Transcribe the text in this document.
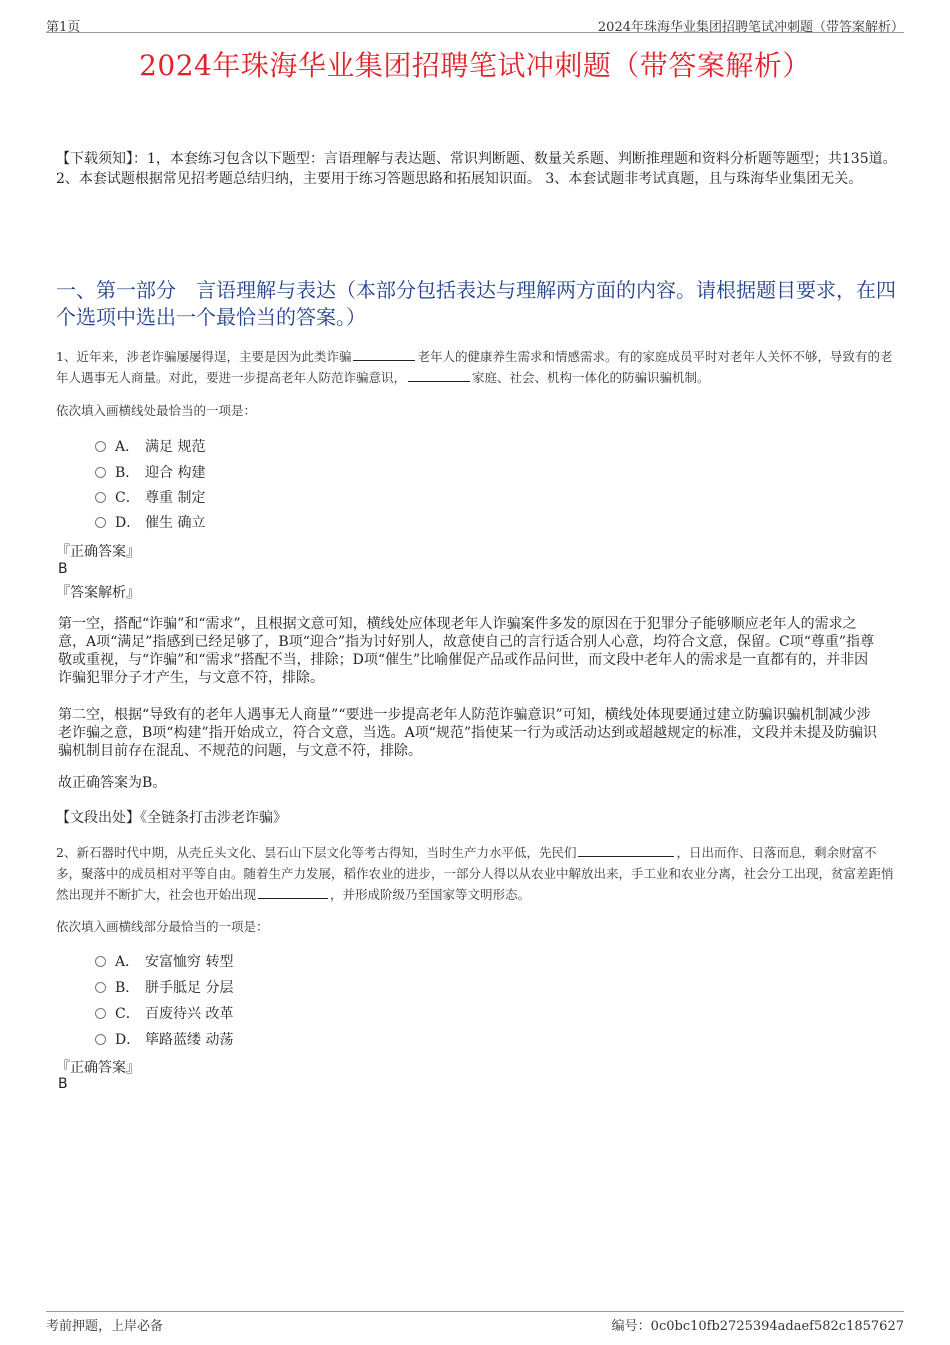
第1页	2024年珠海华业集团招聘笔试冲刺题（带答案解析）
2024年珠海华业集团招聘笔试冲刺题（带答案解析）
【下载须知】：1，本套练习包含以下题型：言语理解与表达题、常识判断题、数量关系题、判断推理题和资料分析题等题型；共135道。 2、本套试题根据常见招考题总结归纳，主要用于练习答题思路和拓展知识面。 3、本套试题非考试真题，且与珠海华业集团无关。
一、第一部分　言语理解与表达（本部分包括表达与理解两方面的内容。请根据题目要求，在四个选项中选出一个最恰当的答案。）
1、近年来，涉老诈骗屡屡得逞，主要是因为此类诈骗	老年人的健康养生需求和情感需求。有的家庭成员平时对老年人关怀不够，导致有的老年人遇事无人商量。对此，要进一步提高老年人防范诈骗意识，	家庭、社会、机构一体化的防骗识骗机制。
依次填入画横线处最恰当的一项是：
A． 满足 规范
B． 迎合 构建
C． 尊重 制定
D． 催生 确立
『正确答案』
B
『答案解析』
第一空，搭配“诈骗”和“需求”，且根据文意可知，横线处应体现老年人诈骗案件多发的原因在于犯罪分子能够顺应老年人的需求之意，A项“满足”指感到已经足够了，B项“迎合”指为讨好别人，故意使自己的言行适合别人心意，均符合文意，保留。C项“尊重”指尊敬或重视，与“诈骗”和“需求”搭配不当，排除；D项“催生”比喻催促产品或作品问世，而文段中老年人的需求是一直都有的，并非因诈骗犯罪分子才产生，与文意不符，排除。
第二空，根据“导致有的老年人遇事无人商量”“要进一步提高老年人防范诈骗意识”可知，横线处体现要通过建立防骗识骗机制减少涉老诈骗之意，B项“构建”指开始成立，符合文意，当选。A项“规范”指使某一行为或活动达到或超越规定的标准，文段并未提及防骗识骗机制目前存在混乱、不规范的问题，与文意不符，排除。
故正确答案为B。
【文段出处】《全链条打击涉老诈骗》
2、新石器时代中期，从壳丘头文化、昙石山下层文化等考古得知，当时生产力水平低，先民们	，日出而作、日落而息，剩余财富不多，聚落中的成员相对平等自由。随着生产力发展，稻作农业的进步，一部分人得以从农业中解放出来，手工业和农业分离，社会分工出现，贫富差距悄然出现并不断扩大，社会也开始出现	，并形成阶级乃至国家等文明形态。
依次填入画横线部分最恰当的一项是：
A． 安富恤穷 转型
B． 胼手胝足 分层
C． 百废待兴 改革
D． 筚路蓝缕 动荡
『正确答案』
B
考前押题，上岸必备	编号：0c0bc10fb2725394adaef582c1857627
